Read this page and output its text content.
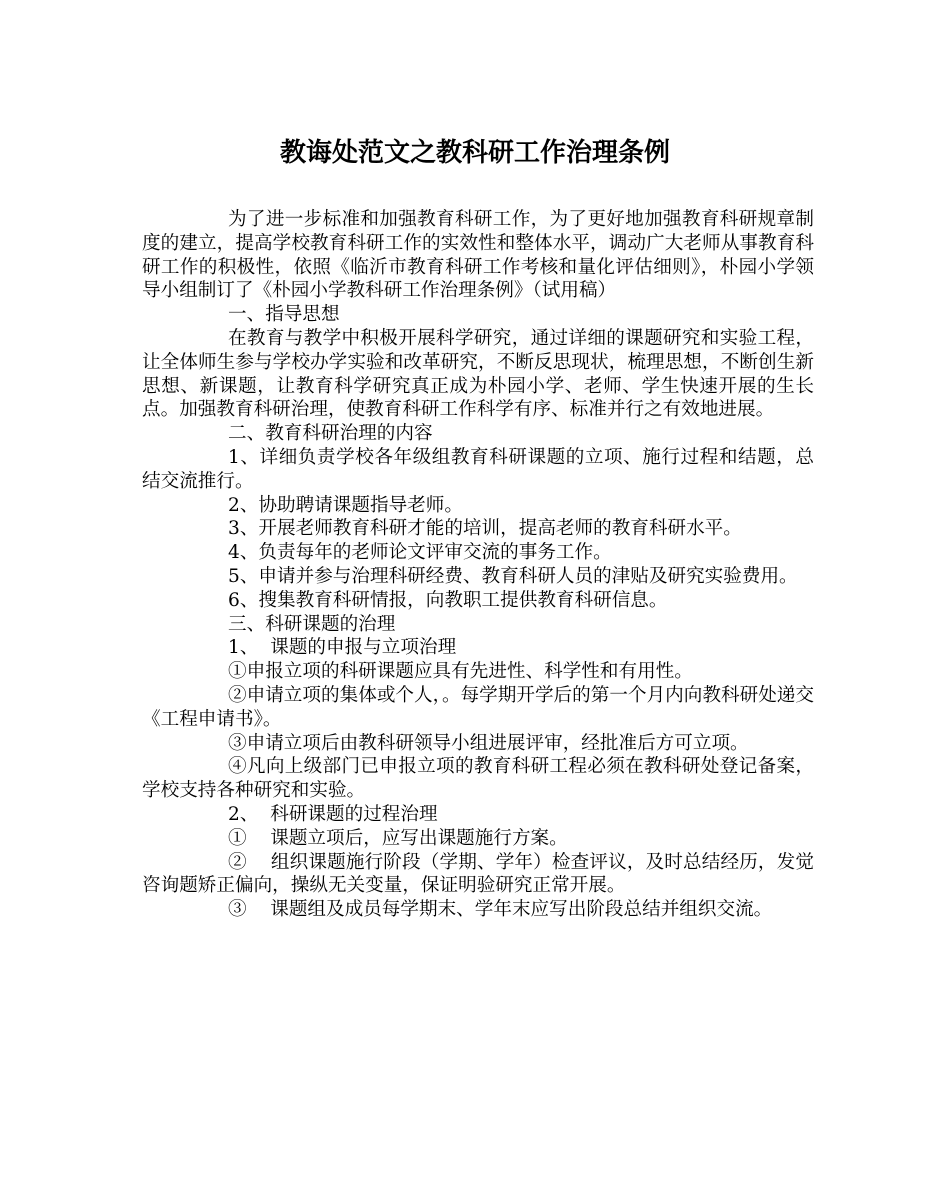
教诲处范文之教科研工作治理条例

为了进一步标准和加强教育科研工作，为了更好地加强教育科研规章制度的建立，提高学校教育科研工作的实效性和整体水平，调动广大老师从事教育科研工作的积极性，依照《临沂市教育科研工作考核和量化评估细则》，朴园小学领导小组制订了《朴园小学教科研工作治理条例》（试用稿）

一、指导思想

在教育与教学中积极开展科学研究，通过详细的课题研究和实验工程，让全体师生参与学校办学实验和改革研究，不断反思现状，梳理思想，不断创生新思想、新课题，让教育科学研究真正成为朴园小学、老师、学生快速开展的生长点。加强教育科研治理，使教育科研工作科学有序、标准并行之有效地进展。

二、教育科研治理的内容

1、详细负责学校各年级组教育科研课题的立项、施行过程和结题，总结交流推行。

2、协助聘请课题指导老师。

3、开展老师教育科研才能的培训，提高老师的教育科研水平。

4、负责每年的老师论文评审交流的事务工作。

5、申请并参与治理科研经费、教育科研人员的津贴及研究实验费用。

6、搜集教育科研情报，向教职工提供教育科研信息。

三、科研课题的治理

1、  课题的申报与立项治理

①申报立项的科研课题应具有先进性、科学性和有用性。

②申请立项的集体或个人，。每学期开学后的第一个月内向教科研处递交《工程申请书》。

③申请立项后由教科研领导小组进展评审，经批准后方可立项。

④凡向上级部门已申报立项的教育科研工程必须在教科研处登记备案，学校支持各种研究和实验。

2、  科研课题的过程治理

①    课题立项后，应写出课题施行方案。

②    组织课题施行阶段（学期、学年）检查评议，及时总结经历，发觉咨询题矫正偏向，操纵无关变量，保证明验研究正常开展。

③    课题组及成员每学期末、学年末应写出阶段总结并组织交流。
